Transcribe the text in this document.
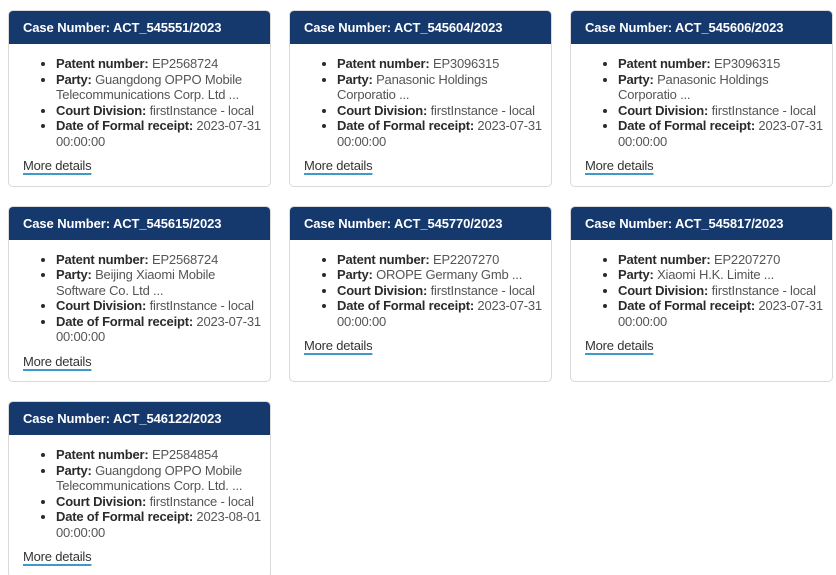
Case Number: ACT_545551/2023
• Patent number: EP2568724
• Party: Guangdong OPPO Mobile Telecommunications Corp. Ltd ...
• Court Division: firstInstance - local
• Date of Formal receipt: 2023-07-31 00:00:00
More details
Case Number: ACT_545604/2023
• Patent number: EP3096315
• Party: Panasonic Holdings Corporatio ...
• Court Division: firstInstance - local
• Date of Formal receipt: 2023-07-31 00:00:00
More details
Case Number: ACT_545606/2023
• Patent number: EP3096315
• Party: Panasonic Holdings Corporatio ...
• Court Division: firstInstance - local
• Date of Formal receipt: 2023-07-31 00:00:00
More details
Case Number: ACT_545615/2023
• Patent number: EP2568724
• Party: Beijing Xiaomi Mobile Software Co. Ltd ...
• Court Division: firstInstance - local
• Date of Formal receipt: 2023-07-31 00:00:00
More details
Case Number: ACT_545770/2023
• Patent number: EP2207270
• Party: OROPE Germany Gmb ...
• Court Division: firstInstance - local
• Date of Formal receipt: 2023-07-31 00:00:00
More details
Case Number: ACT_545817/2023
• Patent number: EP2207270
• Party: Xiaomi H.K. Limite ...
• Court Division: firstInstance - local
• Date of Formal receipt: 2023-07-31 00:00:00
More details
Case Number: ACT_546122/2023
• Patent number: EP2584854
• Party: Guangdong OPPO Mobile Telecommunications Corp. Ltd. ...
• Court Division: firstInstance - local
• Date of Formal receipt: 2023-08-01 00:00:00
More details
